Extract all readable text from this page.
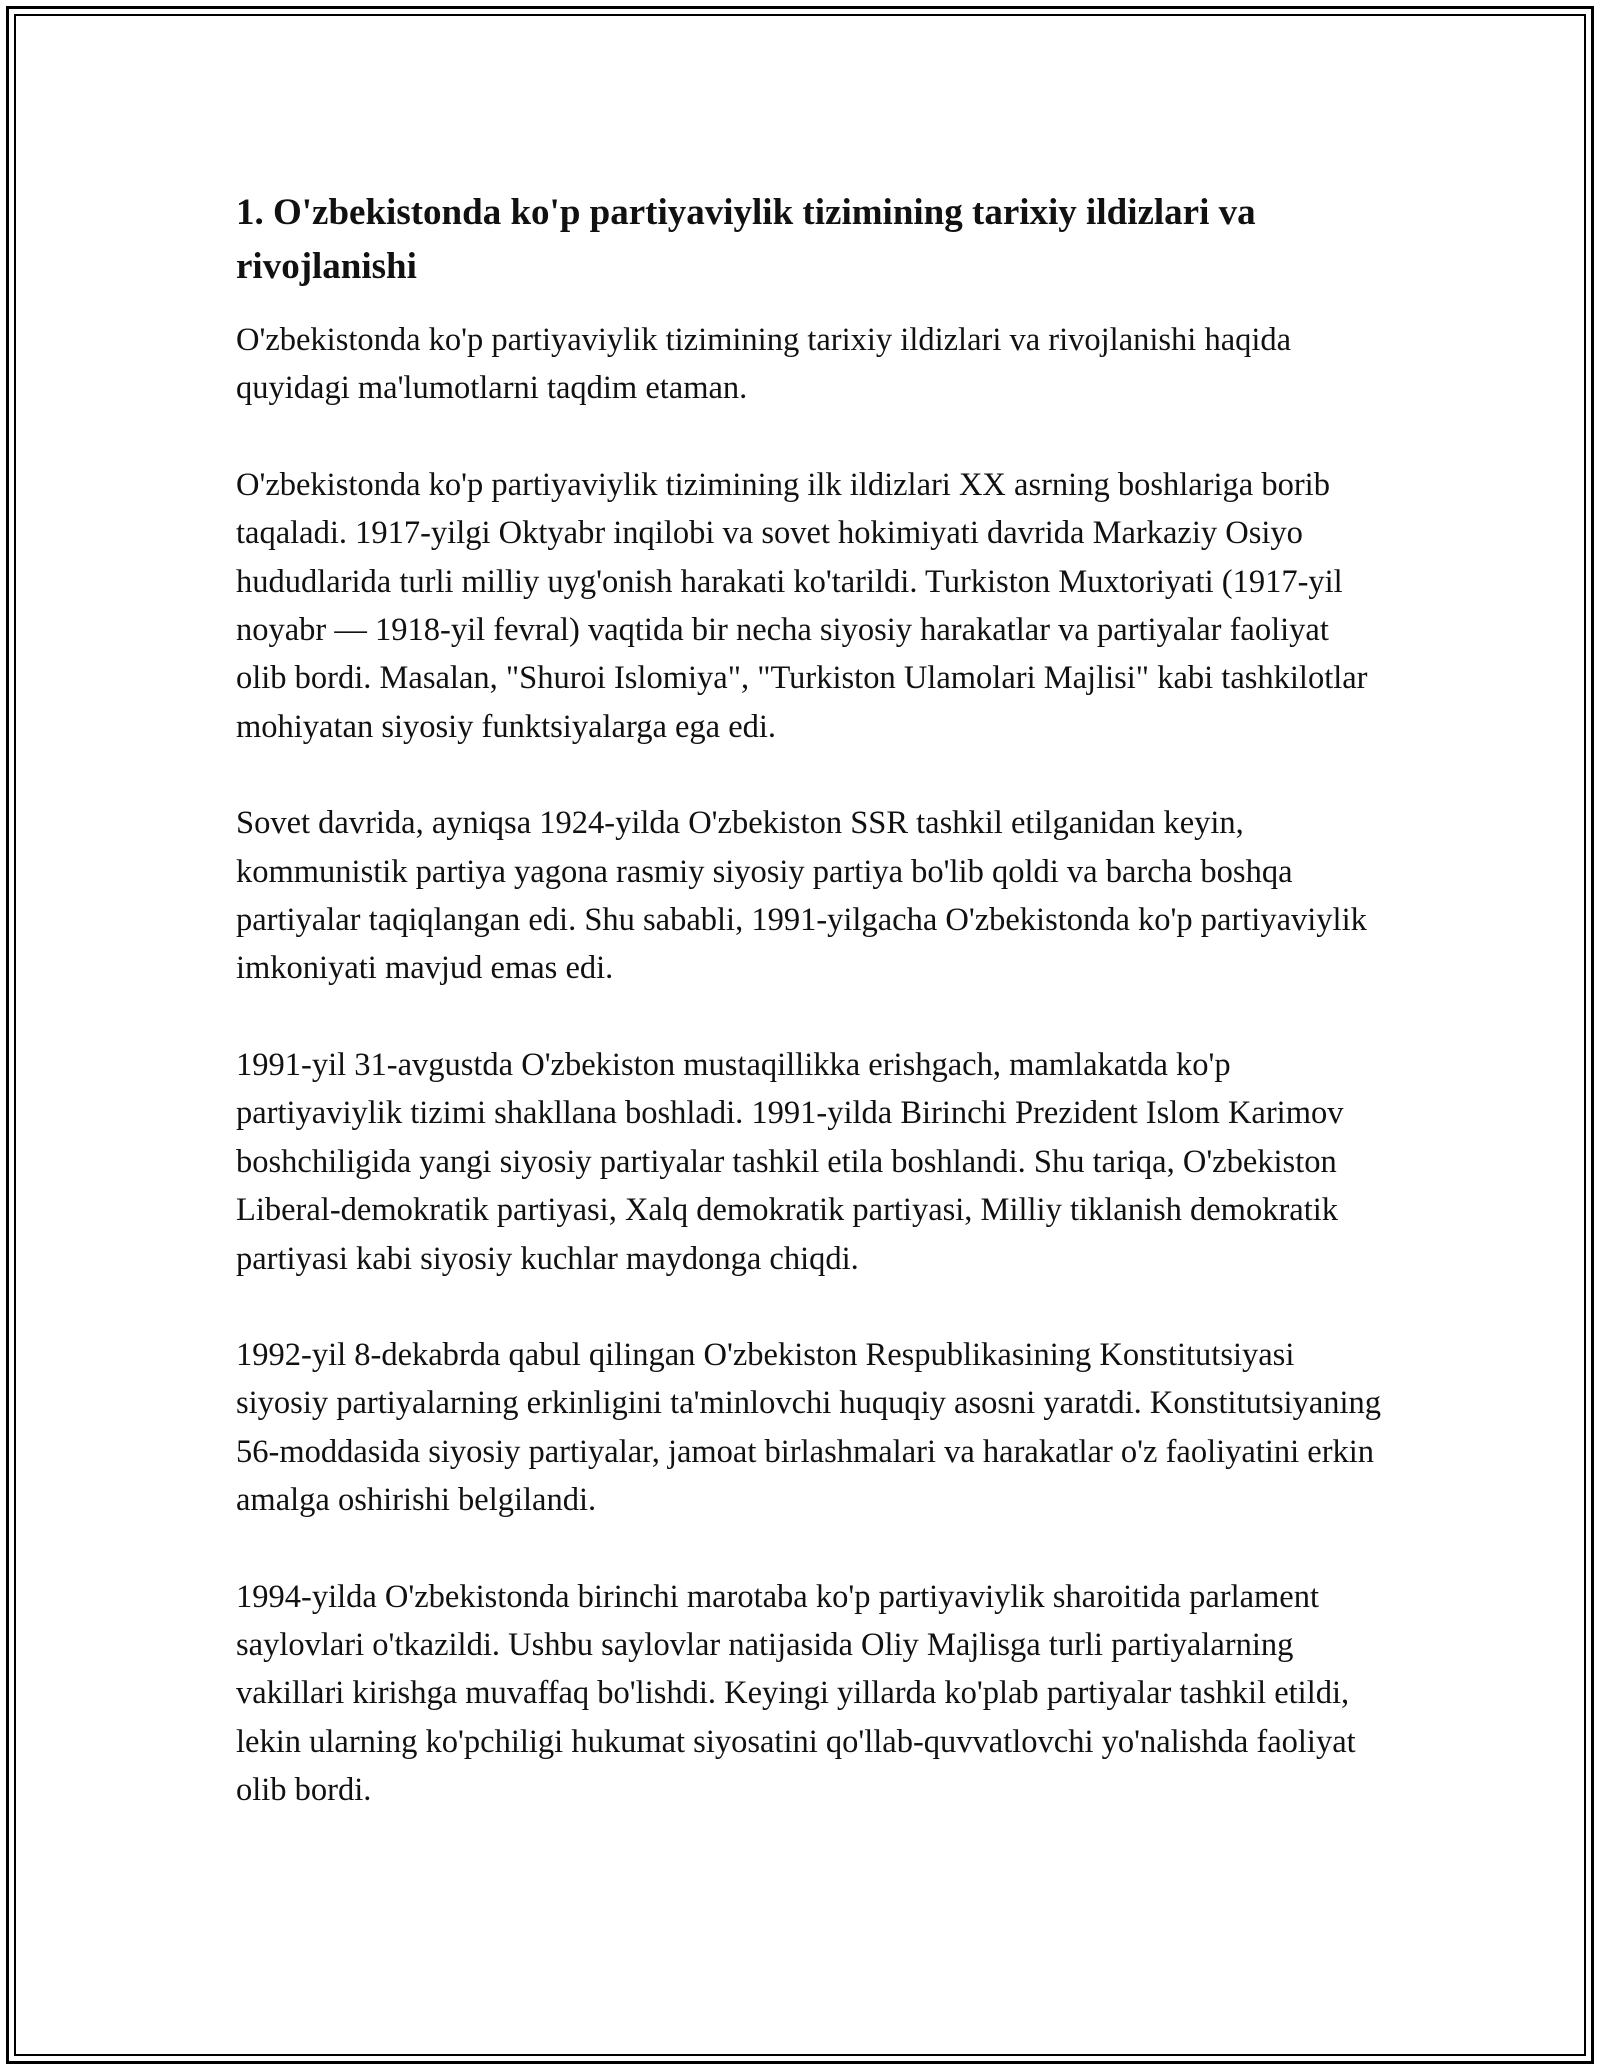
1. O'zbekistonda ko'p partiyaviylik tizimining tarixiy ildizlari va rivojlanishi

O'zbekistonda ko'p partiyaviylik tizimining tarixiy ildizlari va rivojlanishi haqida quyidagi ma'lumotlarni taqdim etaman.

O'zbekistonda ko'p partiyaviylik tizimining ilk ildizlari XX asrning boshlariga borib taqaladi. 1917-yilgi Oktyabr inqilobi va sovet hokimiyati davrida Markaziy Osiyo hududlarida turli milliy uyg'onish harakati ko'tarildi. Turkiston Muxtoriyati (1917-yil noyabr — 1918-yil fevral) vaqtida bir necha siyosiy harakatlar va partiyalar faoliyat olib bordi. Masalan, "Shuroi Islomiya", "Turkiston Ulamolari Majlisi" kabi tashkilotlar mohiyatan siyosiy funktsiyalarga ega edi.

Sovet davrida, ayniqsa 1924-yilda O'zbekiston SSR tashkil etilganidan keyin, kommunistik partiya yagona rasmiy siyosiy partiya bo'lib qoldi va barcha boshqa partiyalar taqiqlangan edi. Shu sababli, 1991-yilgacha O'zbekistonda ko'p partiyaviylik imkoniyati mavjud emas edi.

1991-yil 31-avgustda O'zbekiston mustaqillikka erishgach, mamlakatda ko'p partiyaviylik tizimi shakllana boshladi. 1991-yilda Birinchi Prezident Islom Karimov boshchiligida yangi siyosiy partiyalar tashkil etila boshlandi. Shu tariqa, O'zbekiston Liberal-demokratik partiyasi, Xalq demokratik partiyasi, Milliy tiklanish demokratik partiyasi kabi siyosiy kuchlar maydonga chiqdi.

1992-yil 8-dekabrda qabul qilingan O'zbekiston Respublikasining Konstitutsiyasi siyosiy partiyalarning erkinligini ta'minlovchi huquqiy asosni yaratdi. Konstitutsiyaning 56-moddasida siyosiy partiyalar, jamoat birlashmalari va harakatlar o'z faoliyatini erkin amalga oshirishi belgilandi.

1994-yilda O'zbekistonda birinchi marotaba ko'p partiyaviylik sharoitida parlament saylovlari o'tkazildi. Ushbu saylovlar natijasida Oliy Majlisga turli partiyalarning vakillari kirishga muvaffaq bo'lishdi. Keyingi yillarda ko'plab partiyalar tashkil etildi, lekin ularning ko'pchiligi hukumat siyosatini qo'llab-quvvatlovchi yo'nalishda faoliyat olib bordi.
